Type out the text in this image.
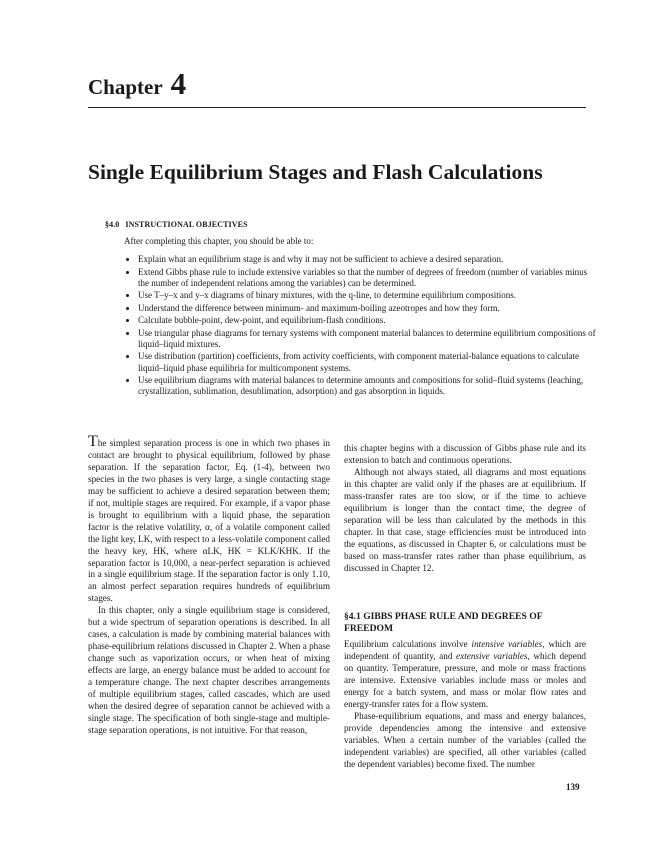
Chapter 4
Single Equilibrium Stages and Flash Calculations
§4.0 INSTRUCTIONAL OBJECTIVES
After completing this chapter, you should be able to:
• Explain what an equilibrium stage is and why it may not be sufficient to achieve a desired separation.
• Extend Gibbs phase rule to include extensive variables so that the number of degrees of freedom (number of variables minus the number of independent relations among the variables) can be determined.
• Use T–y–x and y–x diagrams of binary mixtures, with the q-line, to determine equilibrium compositions.
• Understand the difference between minimum- and maximum-boiling azeotropes and how they form.
• Calculate bubble-point, dew-point, and equilibrium-flash conditions.
• Use triangular phase diagrams for ternary systems with component material balances to determine equilibrium compositions of liquid–liquid mixtures.
• Use distribution (partition) coefficients, from activity coefficients, with component material-balance equations to calculate liquid–liquid phase equilibria for multicomponent systems.
• Use equilibrium diagrams with material balances to determine amounts and compositions for solid–fluid systems (leaching, crystallization, sublimation, desublimation, adsorption) and gas absorption in liquids.

The simplest separation process is one in which two phases in contact are brought to physical equilibrium, followed by phase separation. If the separation factor, Eq. (1-4), between two species in the two phases is very large, a single contacting stage may be sufficient to achieve a desired separation between them; if not, multiple stages are required. For example, if a vapor phase is brought to equilibrium with a liquid phase, the separation factor is the relative volatility, α, of a volatile component called the light key, LK, with respect to a less-volatile component called the heavy key, HK, where αLK, HK = KLK/KHK. If the separation factor is 10,000, a near-perfect separation is achieved in a single equilibrium stage. If the separation factor is only 1.10, an almost perfect separation requires hundreds of equilibrium stages.

In this chapter, only a single equilibrium stage is considered, but a wide spectrum of separation operations is described. In all cases, a calculation is made by combining material balances with phase-equilibrium relations discussed in Chapter 2. When a phase change such as vaporization occurs, or when heat of mixing effects are large, an energy balance must be added to account for a temperature change. The next chapter describes arrangements of multiple equilibrium stages, called cascades, which are used when the desired degree of separation cannot be achieved with a single stage. The specification of both single-stage and multiple-stage separation operations, is not intuitive. For that reason,

this chapter begins with a discussion of Gibbs phase rule and its extension to batch and continuous operations.

Although not always stated, all diagrams and most equations in this chapter are valid only if the phases are at equilibrium. If mass-transfer rates are too slow, or if the time to achieve equilibrium is longer than the contact time, the degree of separation will be less than calculated by the methods in this chapter. In that case, stage efficiencies must be introduced into the equations, as discussed in Chapter 6, or calculations must be based on mass-transfer rates rather than phase equilibrium, as discussed in Chapter 12.

§4.1 GIBBS PHASE RULE AND DEGREES OF FREEDOM

Equilibrium calculations involve intensive variables, which are independent of quantity, and extensive variables, which depend on quantity. Temperature, pressure, and mole or mass fractions are intensive. Extensive variables include mass or moles and energy for a batch system, and mass or molar flow rates and energy-transfer rates for a flow system.

Phase-equilibrium equations, and mass and energy balances, provide dependencies among the intensive and extensive variables. When a certain number of the variables (called the independent variables) are specified, all other variables (called the dependent variables) become fixed. The number

139
